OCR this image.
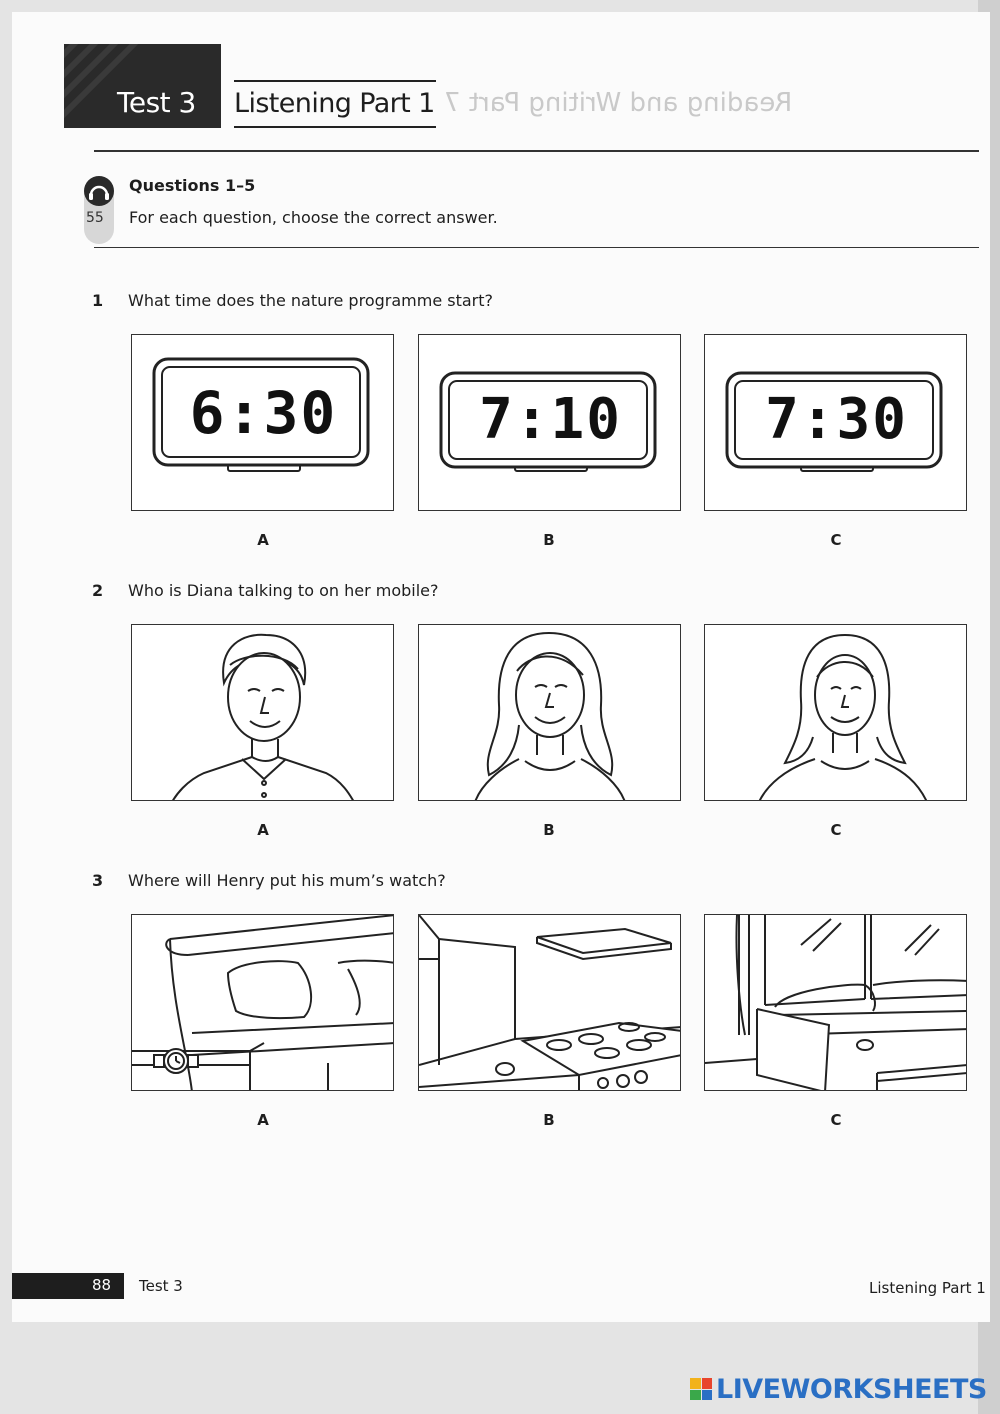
Reading and Writing Part 7
Test 3 Listening Part 1
55
Questions 1–5
For each question, choose the correct answer.
1 What time does the nature programme start?
6:30	7:10	7:30
A	B	C
2 Who is Diana talking to on her mobile?
A	B	C
3 Where will Henry put his mum’s watch?
A	B	C
88 Test 3	Listening Part 1
LIVEWORKSHEETS
